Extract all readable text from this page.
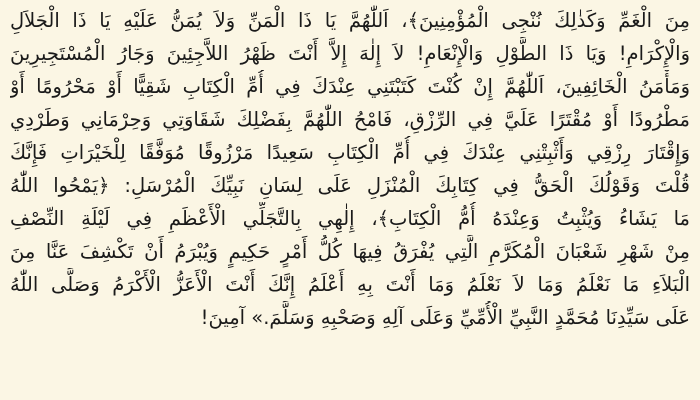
مِنَ الْغَمِّ وَكَذٰلِكَ نُنْجِى الْمُؤْمِنِينَ﴾، اَللّٰهُمَّ يَا ذَا الْمَنِّ وَلاَ يُمَنُّ عَلَيْهِ يَا ذَا الْجَلاَلِ
وَالْإِكْرَامِ! وَيَا ذَا الطَّوْلِ وَالْإِنْعَامِ! لاَ إِلٰهَ إِلاَّ أَنْتَ ظَهْرُ اللاَّجِئِينَ وَجَارُ الْمُسْتَجِيرِينَ
وَمَأْمَنُ الْخَائِفِينَ، اَللّٰهُمَّ إِنْ كُنْتَ كَتَبْتَنِي عِنْدَكَ فِي أُمِّ الْكِتَابِ شَقِيًّا أَوْ مَحْرُومًا أَوْ
مَطْرُودًا أَوْ مُقْتَرًا عَلَيَّ فِي الرِّزْقِ، فَامْحُ اللّٰهُمَّ بِفَضْلِكَ شَقَاوَتِي وَحِرْمَانِي وَطَرْدِي
وَإِقْتَارَ رِزْقِي وَأَثْبِتْنِي عِنْدَكَ فِي أُمِّ الْكِتَابِ سَعِيدًا مَرْزُوقًا مُوَفَّقًا لِلْخَيْرَاتِ فَإِنَّكَ
قُلْتَ وَقَوْلُكَ الْحَقُّ فِي كِتَابِكَ الْمُنْزَلِ عَلَى لِسَانِ نَبِيِّكَ الْمُرْسَلِ: ﴿يَمْحُوا اللّٰهُ
مَا يَشَاءُ وَيُثْبِتُ وَعِنْدَهُ أُمُّ الْكِتَابِ﴾، إِلٰهِي بِالتَّجَلِّي الْأَعْظَمِ فِي لَيْلَةِ النِّصْفِ
مِنْ شَهْرِ شَعْبَانَ الْمُكَرَّمِ الَّتِي يُفْرَقُ فِيهَا كُلُّ أَمْرٍ حَكِيمٍ وَيُبْرَمُ أَنْ تَكْشِفَ عَنَّا مِنَ
الْبَلاَءِ مَا نَعْلَمُ وَمَا لاَ نَعْلَمُ وَمَا أَنْتَ بِهِ أَعْلَمُ إِنَّكَ أَنْتَ الْأَعَزُّ الْأَكْرَمُ وَصَلَّى اللّٰهُ
عَلَى سَيِّدِنَا مُحَمَّدٍ النَّبِيِّ الْأُمِّيِّ وَعَلَى آلِهِ وَصَحْبِهِ وَسَلَّمَ.» آمِينَ!
